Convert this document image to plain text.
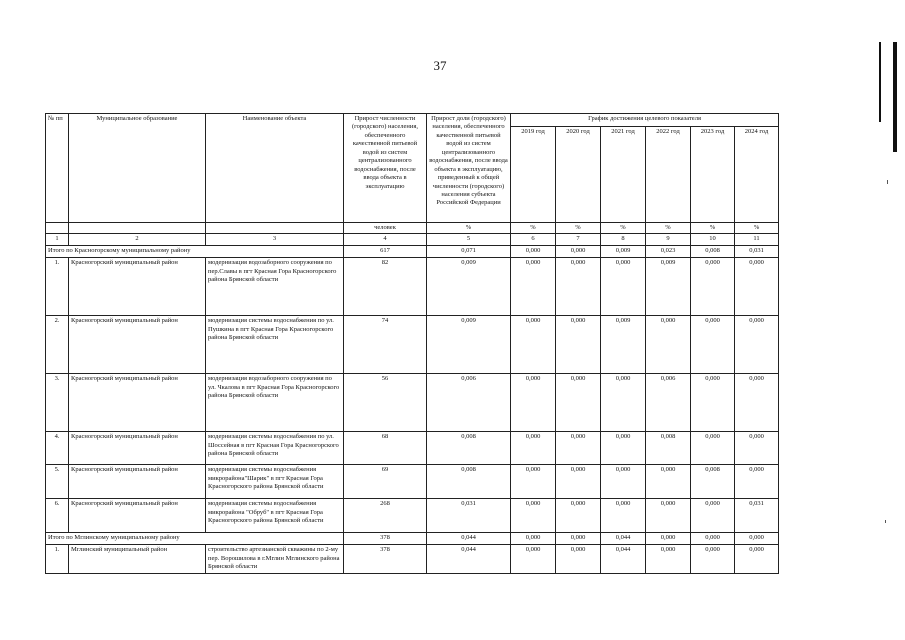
37
№ пп	Муниципальное образование	Наименование объекта	Прирост численности (городского) населения, обеспеченного качественной питьевой водой из систем централизованного водоснабжения, после ввода объекта в эксплуатацию	Прирост доли (городского) населения, обеспеченного качественной питьевой водой из систем централизованного водоснабжения, после ввода объекта в эксплуатацию, приведенный к общей численности (городского) населения субъекта Российской Федерации	График достижения целевого показателя					
					2019 год	2020 год	2021 год	2022 год	2023 год	2024 год
			человек	%	%	%	%	%	%	%
1	2	3	4	5	6	7	8	9	10	11
Итого по Красногорскому муниципальному району			617	0,071	0,000	0,000	0,009	0,023	0,008	0,031
1.	Красногорский муниципальный район	модернизация водозаборного сооружения по пер.Славы в пгт Красная Гора Красногорского района Брянской области	82	0,009	0,000	0,000	0,000	0,009	0,000	0,000
2.	Красногорский муниципальный район	модернизация системы водоснабжения по ул. Пушкина в пгт Красная Гора Красногорского района Брянской области	74	0,009	0,000	0,000	0,009	0,000	0,000	0,000
3.	Красногорский муниципальный район	модернизация водозаборного сооружения по ул. Чкалова в пгт Красная Гора Красногорского района Брянской области	56	0,006	0,000	0,000	0,000	0,006	0,000	0,000
4.	Красногорский муниципальный район	модернизация системы водоснабжения по ул. Шоссейная в пгт Красная Гора Красногорского района Брянской области	68	0,008	0,000	0,000	0,000	0,008	0,000	0,000
5.	Красногорский муниципальный район	модернизация системы водоснабжения микрорайона"Шарик" в пгт Красная Гора Красногорского района Брянской области	69	0,008	0,000	0,000	0,000	0,000	0,008	0,000
6.	Красногорский муниципальный район	модернизация системы водоснабжения микрорайона "Обруб" в пгт Красная Гора Красногорского района Брянской области	268	0,031	0,000	0,000	0,000	0,000	0,000	0,031
Итого по Мглинскому муниципальному району			378	0,044	0,000	0,000	0,044	0,000	0,000	0,000
1.	Мглинский муниципальный район	строительство артезианской скважины по 2-му пер. Ворошилова в г.Мглин Мглинского района Брянской области	378	0,044	0,000	0,000	0,044	0,000	0,000	0,000
